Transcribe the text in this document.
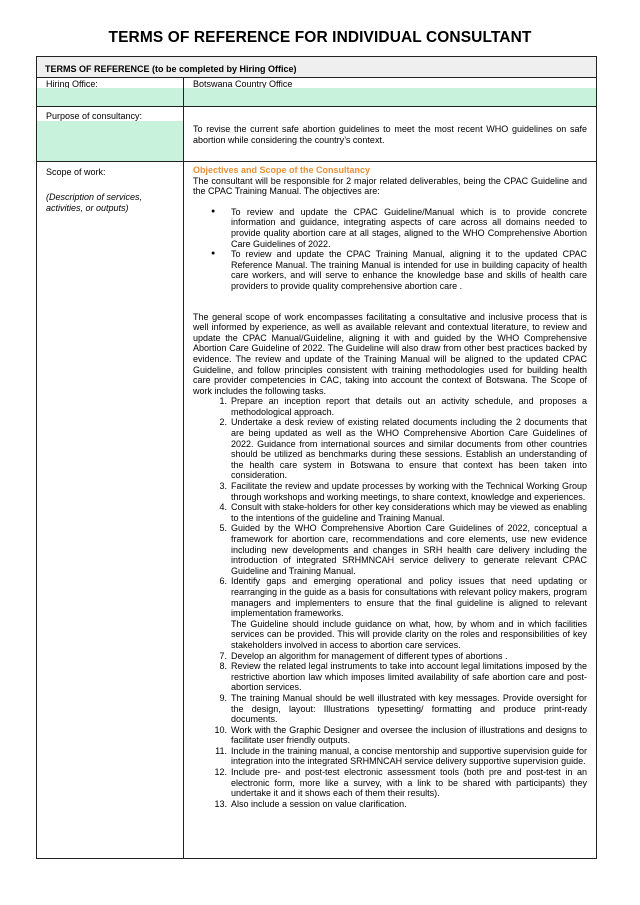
TERMS OF REFERENCE FOR INDIVIDUAL CONSULTANT
TERMS OF REFERENCE (to be completed by Hiring Office)
Hiring Office:	Botswana Country Office
Purpose of consultancy:
To revise the current safe abortion guidelines to meet the most recent WHO guidelines on safe abortion while considering the country’s context.
Scope of work:
(Description of services, activities, or outputs)
Objectives and Scope of the Consultancy
The consultant will be responsible for 2 major related deliverables, being the CPAC Guideline and the CPAC Training Manual. The objectives are:
● To review and update the CPAC Guideline/Manual which is to provide concrete information and guidance, integrating aspects of care across all domains needed to provide quality abortion care at all stages, aligned to the WHO Comprehensive Abortion Care Guidelines of 2022.
● To review and update the CPAC Training Manual, aligning it to the updated CPAC Reference Manual. The training Manual is intended for use in building capacity of health care workers, and will serve to enhance the knowledge base and skills of health care providers to provide quality comprehensive abortion care .
The general scope of work encompasses facilitating a consultative and inclusive process that is well informed by experience, as well as available relevant and contextual literature, to review and update the CPAC Manual/Guideline, aligning it with and guided by the WHO Comprehensive Abortion Care Guideline of 2022. The Guideline will also draw from other best practices backed by evidence. The review and update of the Training Manual will be aligned to the updated CPAC Guideline, and follow principles consistent with training methodologies used for building health care provider competencies in CAC, taking into account the context of Botswana. The Scope of work includes the following tasks.
1. Prepare an inception report that details out an activity schedule, and proposes a methodological approach.
2. Undertake a desk review of existing related documents including the 2 documents that are being updated as well as the WHO Comprehensive Abortion Care Guidelines of 2022. Guidance from international sources and similar documents from other countries should be utilized as benchmarks during these sessions. Establish an understanding of the health care system in Botswana to ensure that context has been taken into consideration.
3. Facilitate the review and update processes by working with the Technical Working Group through workshops and working meetings, to share context, knowledge and experiences.
4. Consult with stake-holders for other key considerations which may be viewed as enabling to the intentions of the guideline and Training Manual.
5. Guided by the WHO Comprehensive Abortion Care Guidelines of 2022, conceptual a framework for abortion care, recommendations and core elements, use new evidence including new developments and changes in SRH health care delivery including the introduction of integrated SRHMNCAH service delivery to generate relevant CPAC Guideline and Training Manual.
6. Identify gaps and emerging operational and policy issues that need updating or rearranging in the guide as a basis for consultations with relevant policy makers, program managers and implementers to ensure that the final guideline is aligned to relevant implementation frameworks.
The Guideline should include guidance on what, how, by whom and in which facilities services can be provided. This will provide clarity on the roles and responsibilities of key stakeholders involved in access to abortion care services.
7. Develop an algorithm for management of different types of abortions .
8. Review the related legal instruments to take into account legal limitations imposed by the restrictive abortion law which imposes limited availability of safe abortion care and post-abortion services.
9. The training Manual should be well illustrated with key messages. Provide oversight for the design, layout: Illustrations typesetting/ formatting and produce print-ready documents.
10. Work with the Graphic Designer and oversee the inclusion of illustrations and designs to facilitate user friendly outputs.
11. Include in the training manual, a concise mentorship and supportive supervision guide for integration into the integrated SRHMNCAH service delivery supportive supervision guide.
12. Include pre- and post-test electronic assessment tools (both pre and post-test in an electronic form, more like a survey, with a link to be shared with participants) they undertake it and it shows each of them their results).
13. Also include a session on value clarification.
